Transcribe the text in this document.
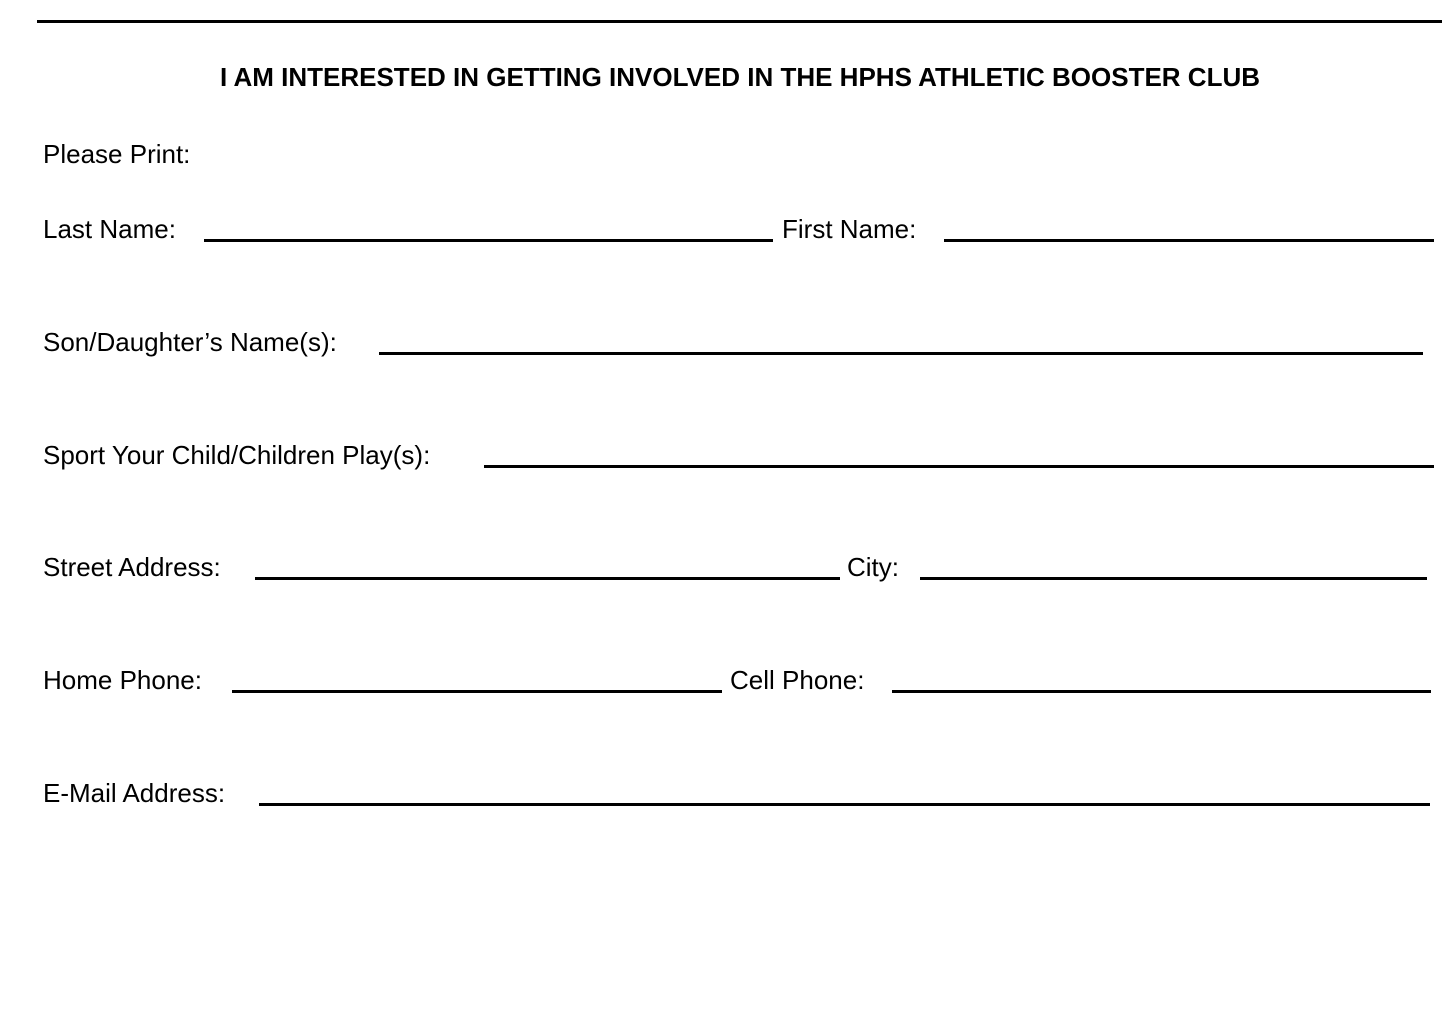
I AM INTERESTED IN GETTING INVOLVED IN THE HPHS ATHLETIC BOOSTER CLUB
Please Print:
Last Name:	First Name:
Son/Daughter’s Name(s):
Sport Your Child/Children Play(s):
Street Address:	City:
Home Phone:	Cell Phone:
E-Mail Address:
